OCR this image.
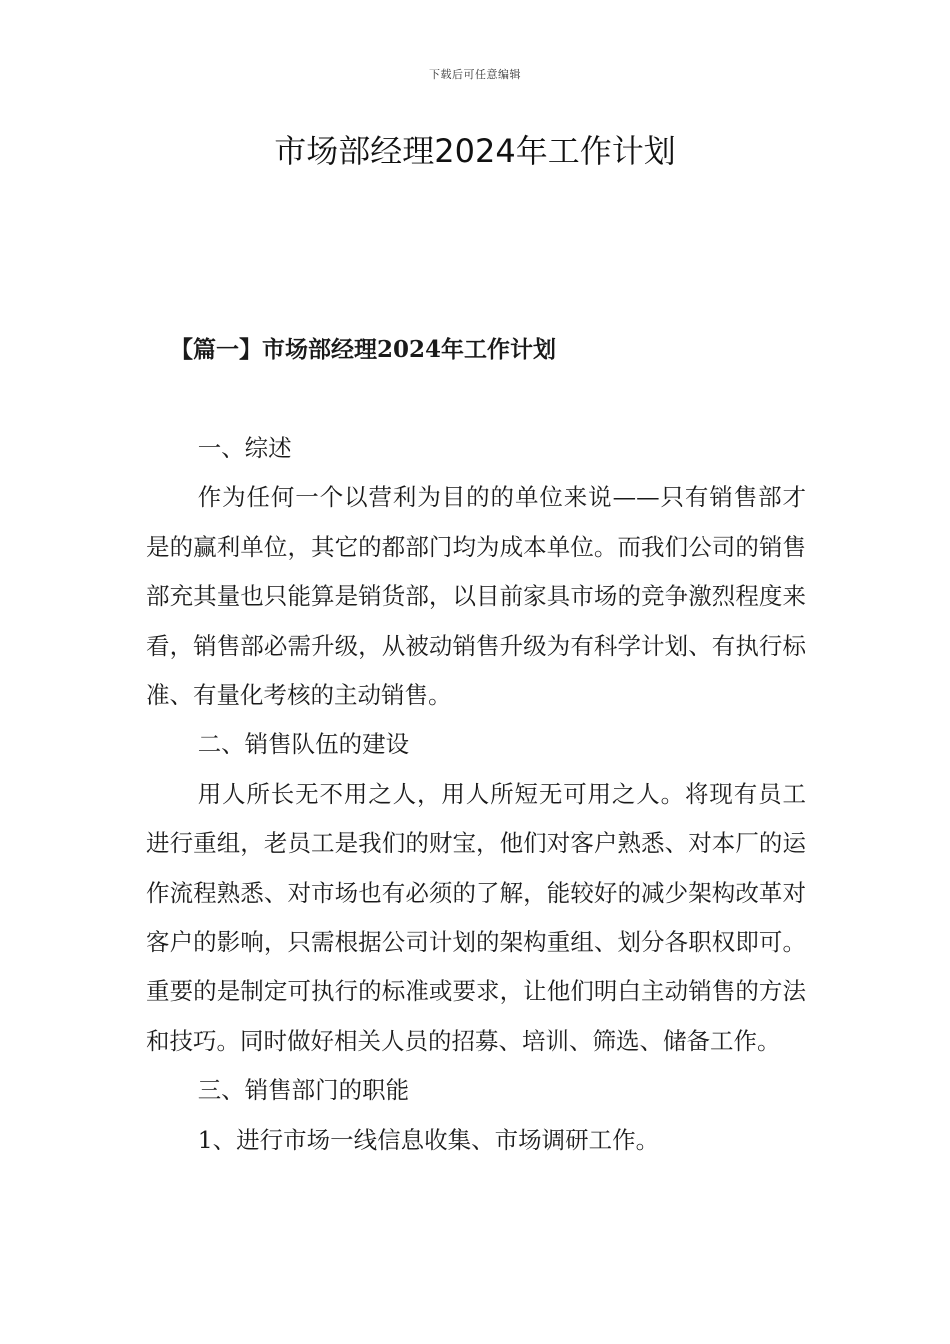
下载后可任意编辑
市场部经理2024年工作计划
【篇一】市场部经理2024年工作计划

一、综述

作为任何一个以营利为目的的单位来说——只有销售部才是的赢利单位，其它的都部门均为成本单位。而我们公司的销售部充其量也只能算是销货部，以目前家具市场的竞争激烈程度来看，销售部必需升级，从被动销售升级为有科学计划、有执行标准、有量化考核的主动销售。

二、销售队伍的建设

用人所长无不用之人，用人所短无可用之人。将现有员工进行重组，老员工是我们的财宝，他们对客户熟悉、对本厂的运作流程熟悉、对市场也有必须的了解，能较好的减少架构改革对客户的影响，只需根据公司计划的架构重组、划分各职权即可。重要的是制定可执行的标准或要求，让他们明白主动销售的方法和技巧。同时做好相关人员的招募、培训、筛选、储备工作。

三、销售部门的职能

1、进行市场一线信息收集、市场调研工作。
